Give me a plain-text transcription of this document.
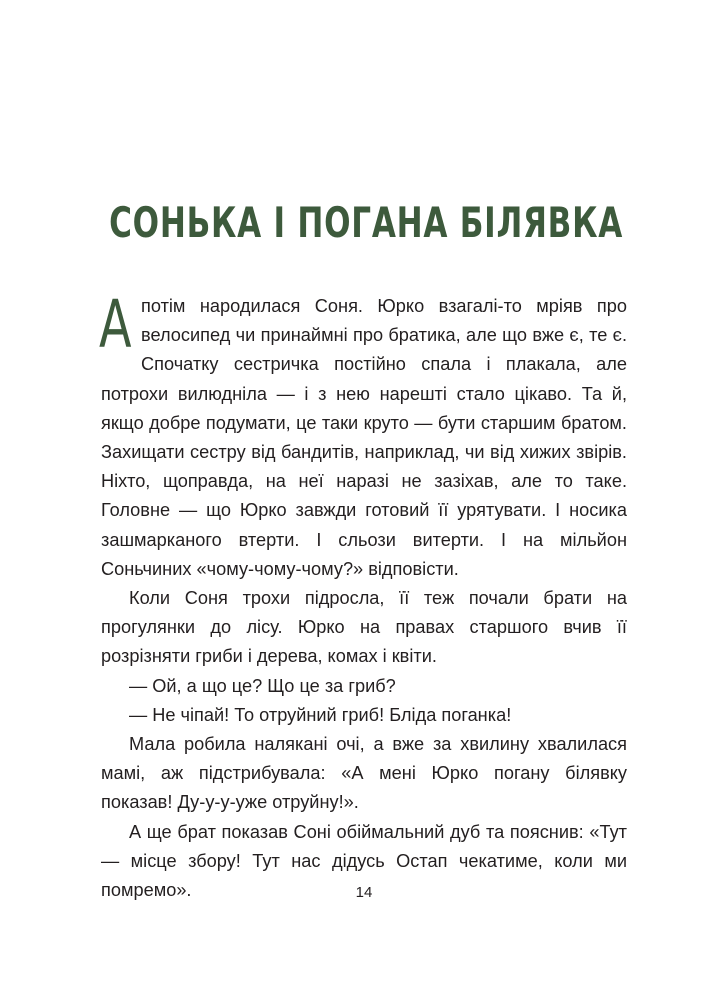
СОНЬКА І ПОГАНА БІЛЯВКА

А потім народилася Соня. Юрко взагалі-то мріяв про велосипед чи принаймні про братика, але що вже є, те є. Спочатку сестричка постійно спала і плакала, але потрохи вилюдніла — і з нею нарешті стало цікаво. Та й, якщо добре подумати, це таки круто — бути старшим братом. Захищати сестру від бандитів, наприклад, чи від хижих звірів. Ніхто, щоправда, на неї наразі не зазіхав, але то таке. Головне — що Юрко завжди готовий її урятувати. І носика зашмарканого втерти. І сльози витерти. І на мільйон Соньчиних «чому-чому-чому?» відповісти.

Коли Соня трохи підросла, її теж почали брати на прогулянки до лісу. Юрко на правах старшого вчив її розрізняти гриби і дерева, комах і квіти.

— Ой, а що це? Що це за гриб?

— Не чіпай! То отруйний гриб! Бліда поганка!

Мала робила налякані очі, а вже за хвилину хвалилася мамі, аж підстрибувала: «А мені Юрко погану білявку показав! Ду-у-у-уже отруйну!».

А ще брат показав Соні обіймальний дуб та пояснив: «Тут — місце збору! Тут нас дідусь Остап чекатиме, коли ми помремо».	14
